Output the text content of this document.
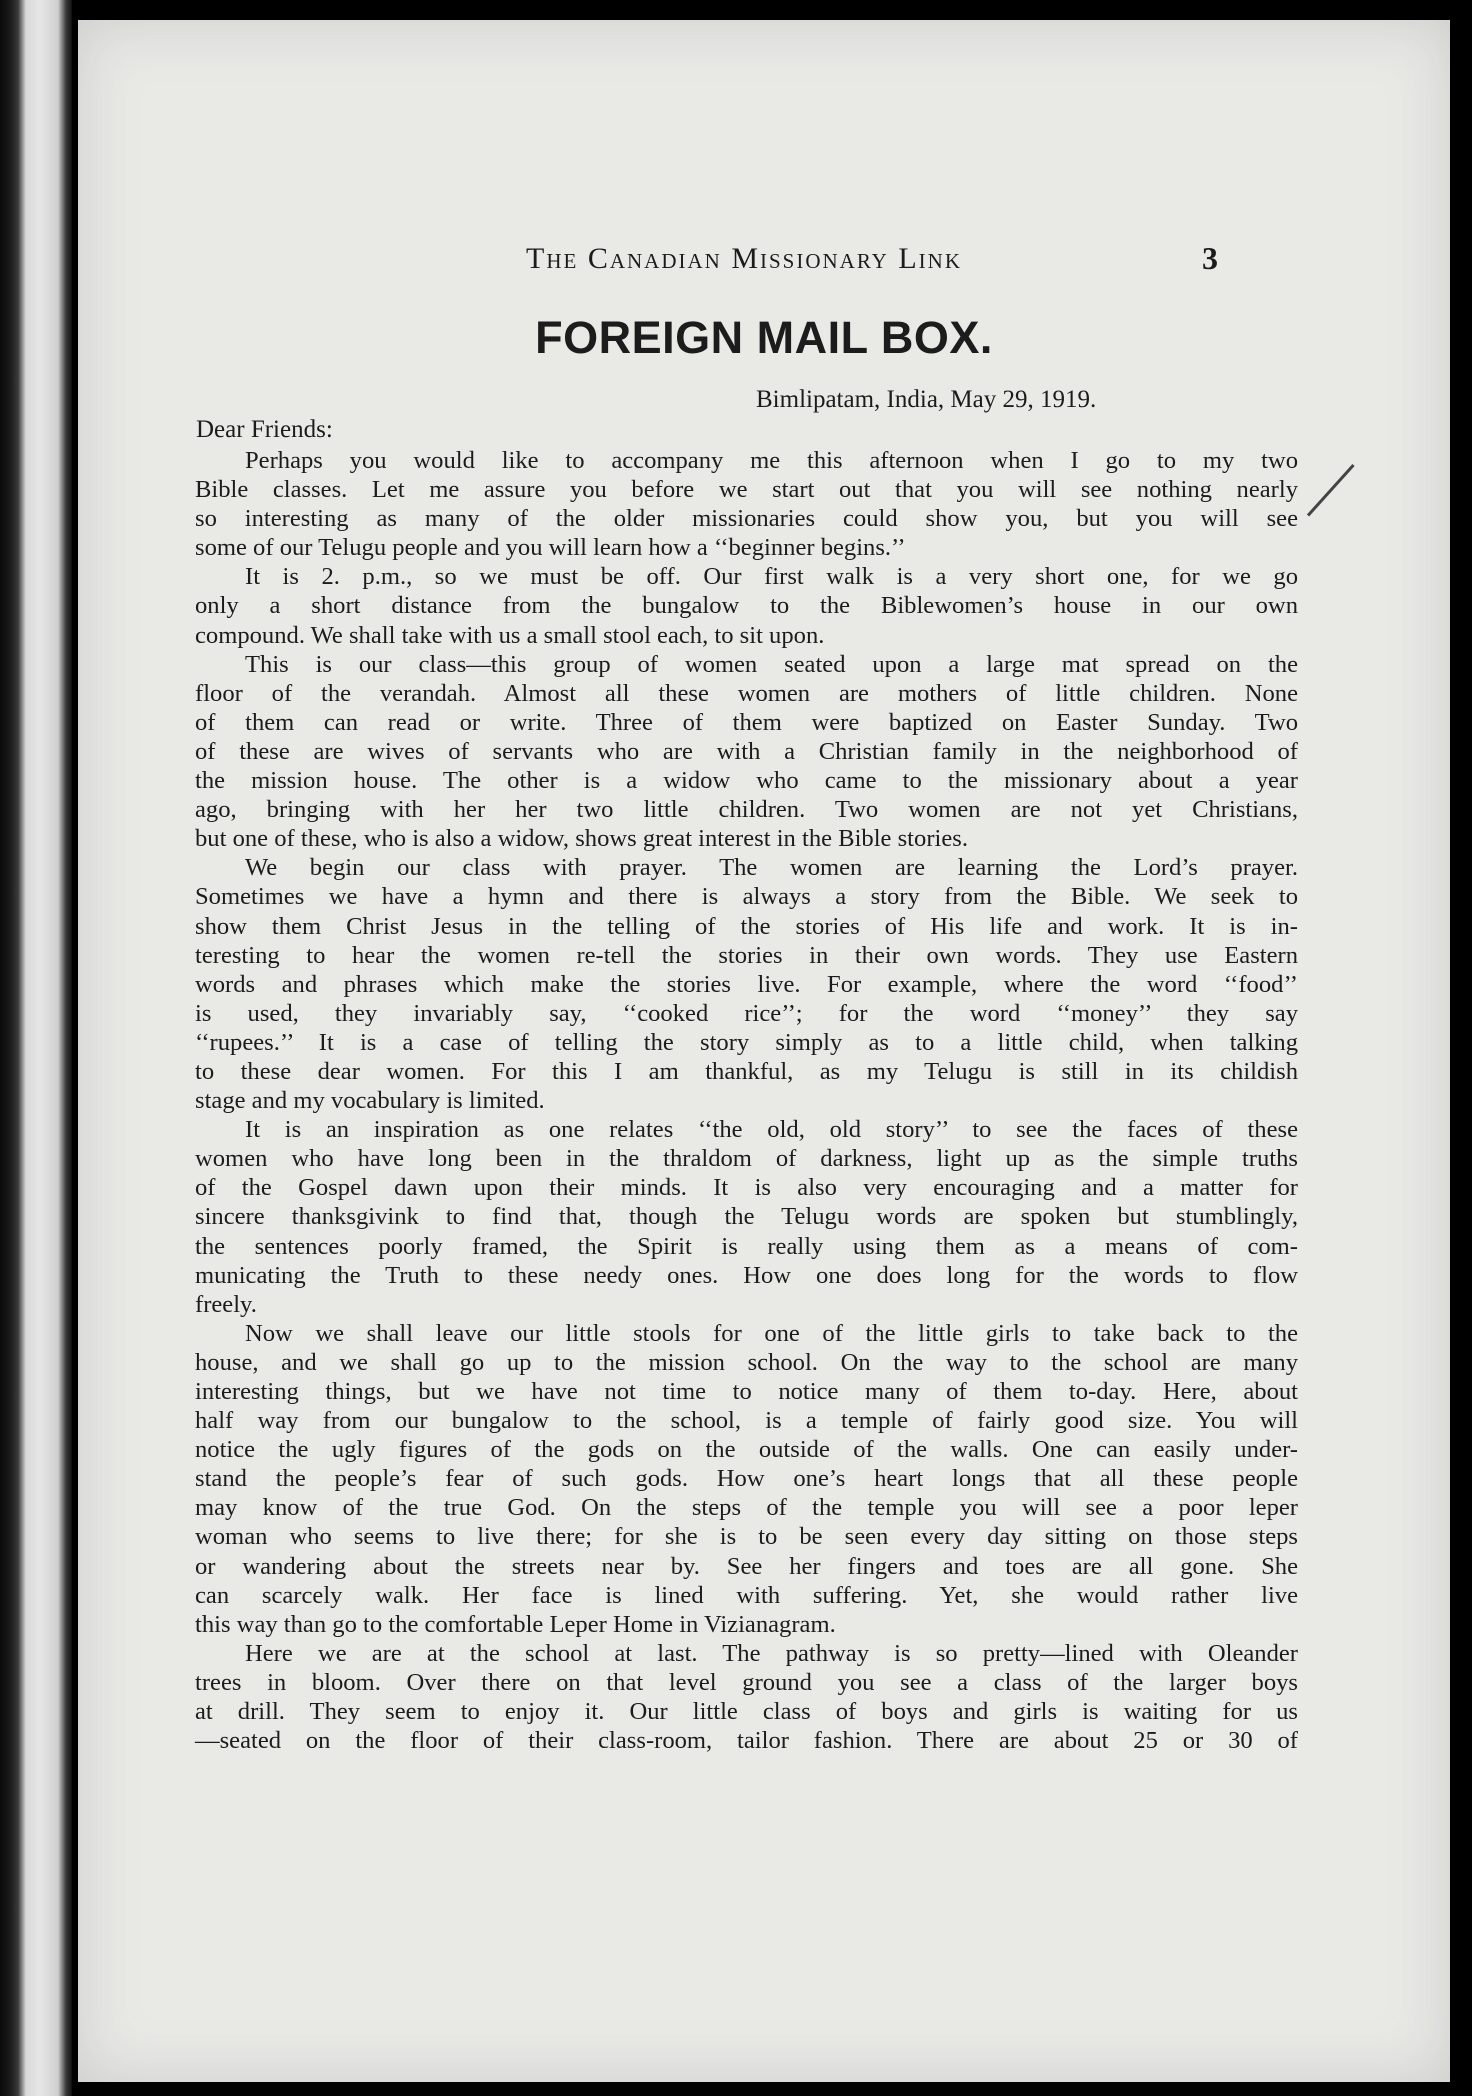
The Canadian Missionary Link	3
FOREIGN MAIL BOX.
Bimlipatam, India, May 29, 1919.
Dear Friends:

Perhaps you would like to accompany me this afternoon when I go to my two
Bible classes. Let me assure you before we start out that you will see nothing nearly
so interesting as many of the older missionaries could show you, but you will see
some of our Telugu people and you will learn how a ‘‘beginner begins.’’

It is 2. p.m., so we must be off. Our first walk is a very short one, for we go
only a short distance from the bungalow to the Biblewomen’s house in our own
compound. We shall take with us a small stool each, to sit upon.

This is our class—this group of women seated upon a large mat spread on the
floor of the verandah. Almost all these women are mothers of little children. None
of them can read or write. Three of them were baptized on Easter Sunday. Two
of these are wives of servants who are with a Christian family in the neighborhood of
the mission house. The other is a widow who came to the missionary about a year
ago, bringing with her her two little children. Two women are not yet Christians,
but one of these, who is also a widow, shows great interest in the Bible stories.

We begin our class with prayer. The women are learning the Lord’s prayer.
Sometimes we have a hymn and there is always a story from the Bible. We seek to
show them Christ Jesus in the telling of the stories of His life and work. It is in-
teresting to hear the women re-tell the stories in their own words. They use Eastern
words and phrases which make the stories live. For example, where the word ‘‘food’’
is used, they invariably say, ‘‘cooked rice’’; for the word ‘‘money’’ they say
‘‘rupees.’’ It is a case of telling the story simply as to a little child, when talking
to these dear women. For this I am thankful, as my Telugu is still in its childish
stage and my vocabulary is limited.

It is an inspiration as one relates ‘‘the old, old story’’ to see the faces of these
women who have long been in the thraldom of darkness, light up as the simple truths
of the Gospel dawn upon their minds. It is also very encouraging and a matter for
sincere thanksgivink to find that, though the Telugu words are spoken but stumblingly,
the sentences poorly framed, the Spirit is really using them as a means of com-
municating the Truth to these needy ones. How one does long for the words to flow
freely.

Now we shall leave our little stools for one of the little girls to take back to the
house, and we shall go up to the mission school. On the way to the school are many
interesting things, but we have not time to notice many of them to-day. Here, about
half way from our bungalow to the school, is a temple of fairly good size. You will
notice the ugly figures of the gods on the outside of the walls. One can easily under-
stand the people’s fear of such gods. How one’s heart longs that all these people
may know of the true God. On the steps of the temple you will see a poor leper
woman who seems to live there; for she is to be seen every day sitting on those steps
or wandering about the streets near by. See her fingers and toes are all gone. She
can scarcely walk. Her face is lined with suffering. Yet, she would rather live
this way than go to the comfortable Leper Home in Vizianagram.

Here we are at the school at last. The pathway is so pretty—lined with Oleander
trees in bloom. Over there on that level ground you see a class of the larger boys
at drill. They seem to enjoy it. Our little class of boys and girls is waiting for us
—seated on the floor of their class-room, tailor fashion. There are about 25 or 30 of
